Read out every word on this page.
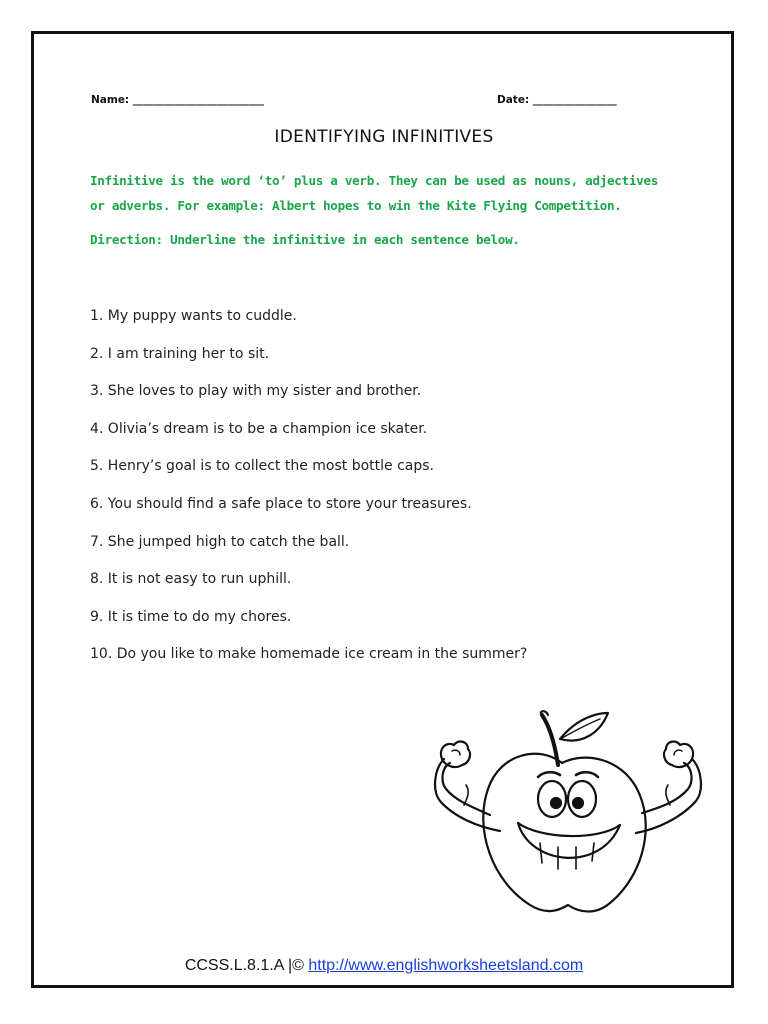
Name: _________________________	Date: ________________
IDENTIFYING INFINITIVES
Infinitive is the word ‘to’ plus a verb. They can be used as nouns, adjectives
or adverbs. For example: Albert hopes to win the Kite Flying Competition.
Direction: Underline the infinitive in each sentence below.
1. My puppy wants to cuddle.
2. I am training her to sit.
3. She loves to play with my sister and brother.
4. Olivia’s dream is to be a champion ice skater.
5. Henry’s goal is to collect the most bottle caps.
6. You should find a safe place to store your treasures.
7. She jumped high to catch the ball.
8. It is not easy to run uphill.
9. It is time to do my chores.
10. Do you like to make homemade ice cream in the summer?
CCSS.L.8.1.A |© http://www.englishworksheetsland.com
